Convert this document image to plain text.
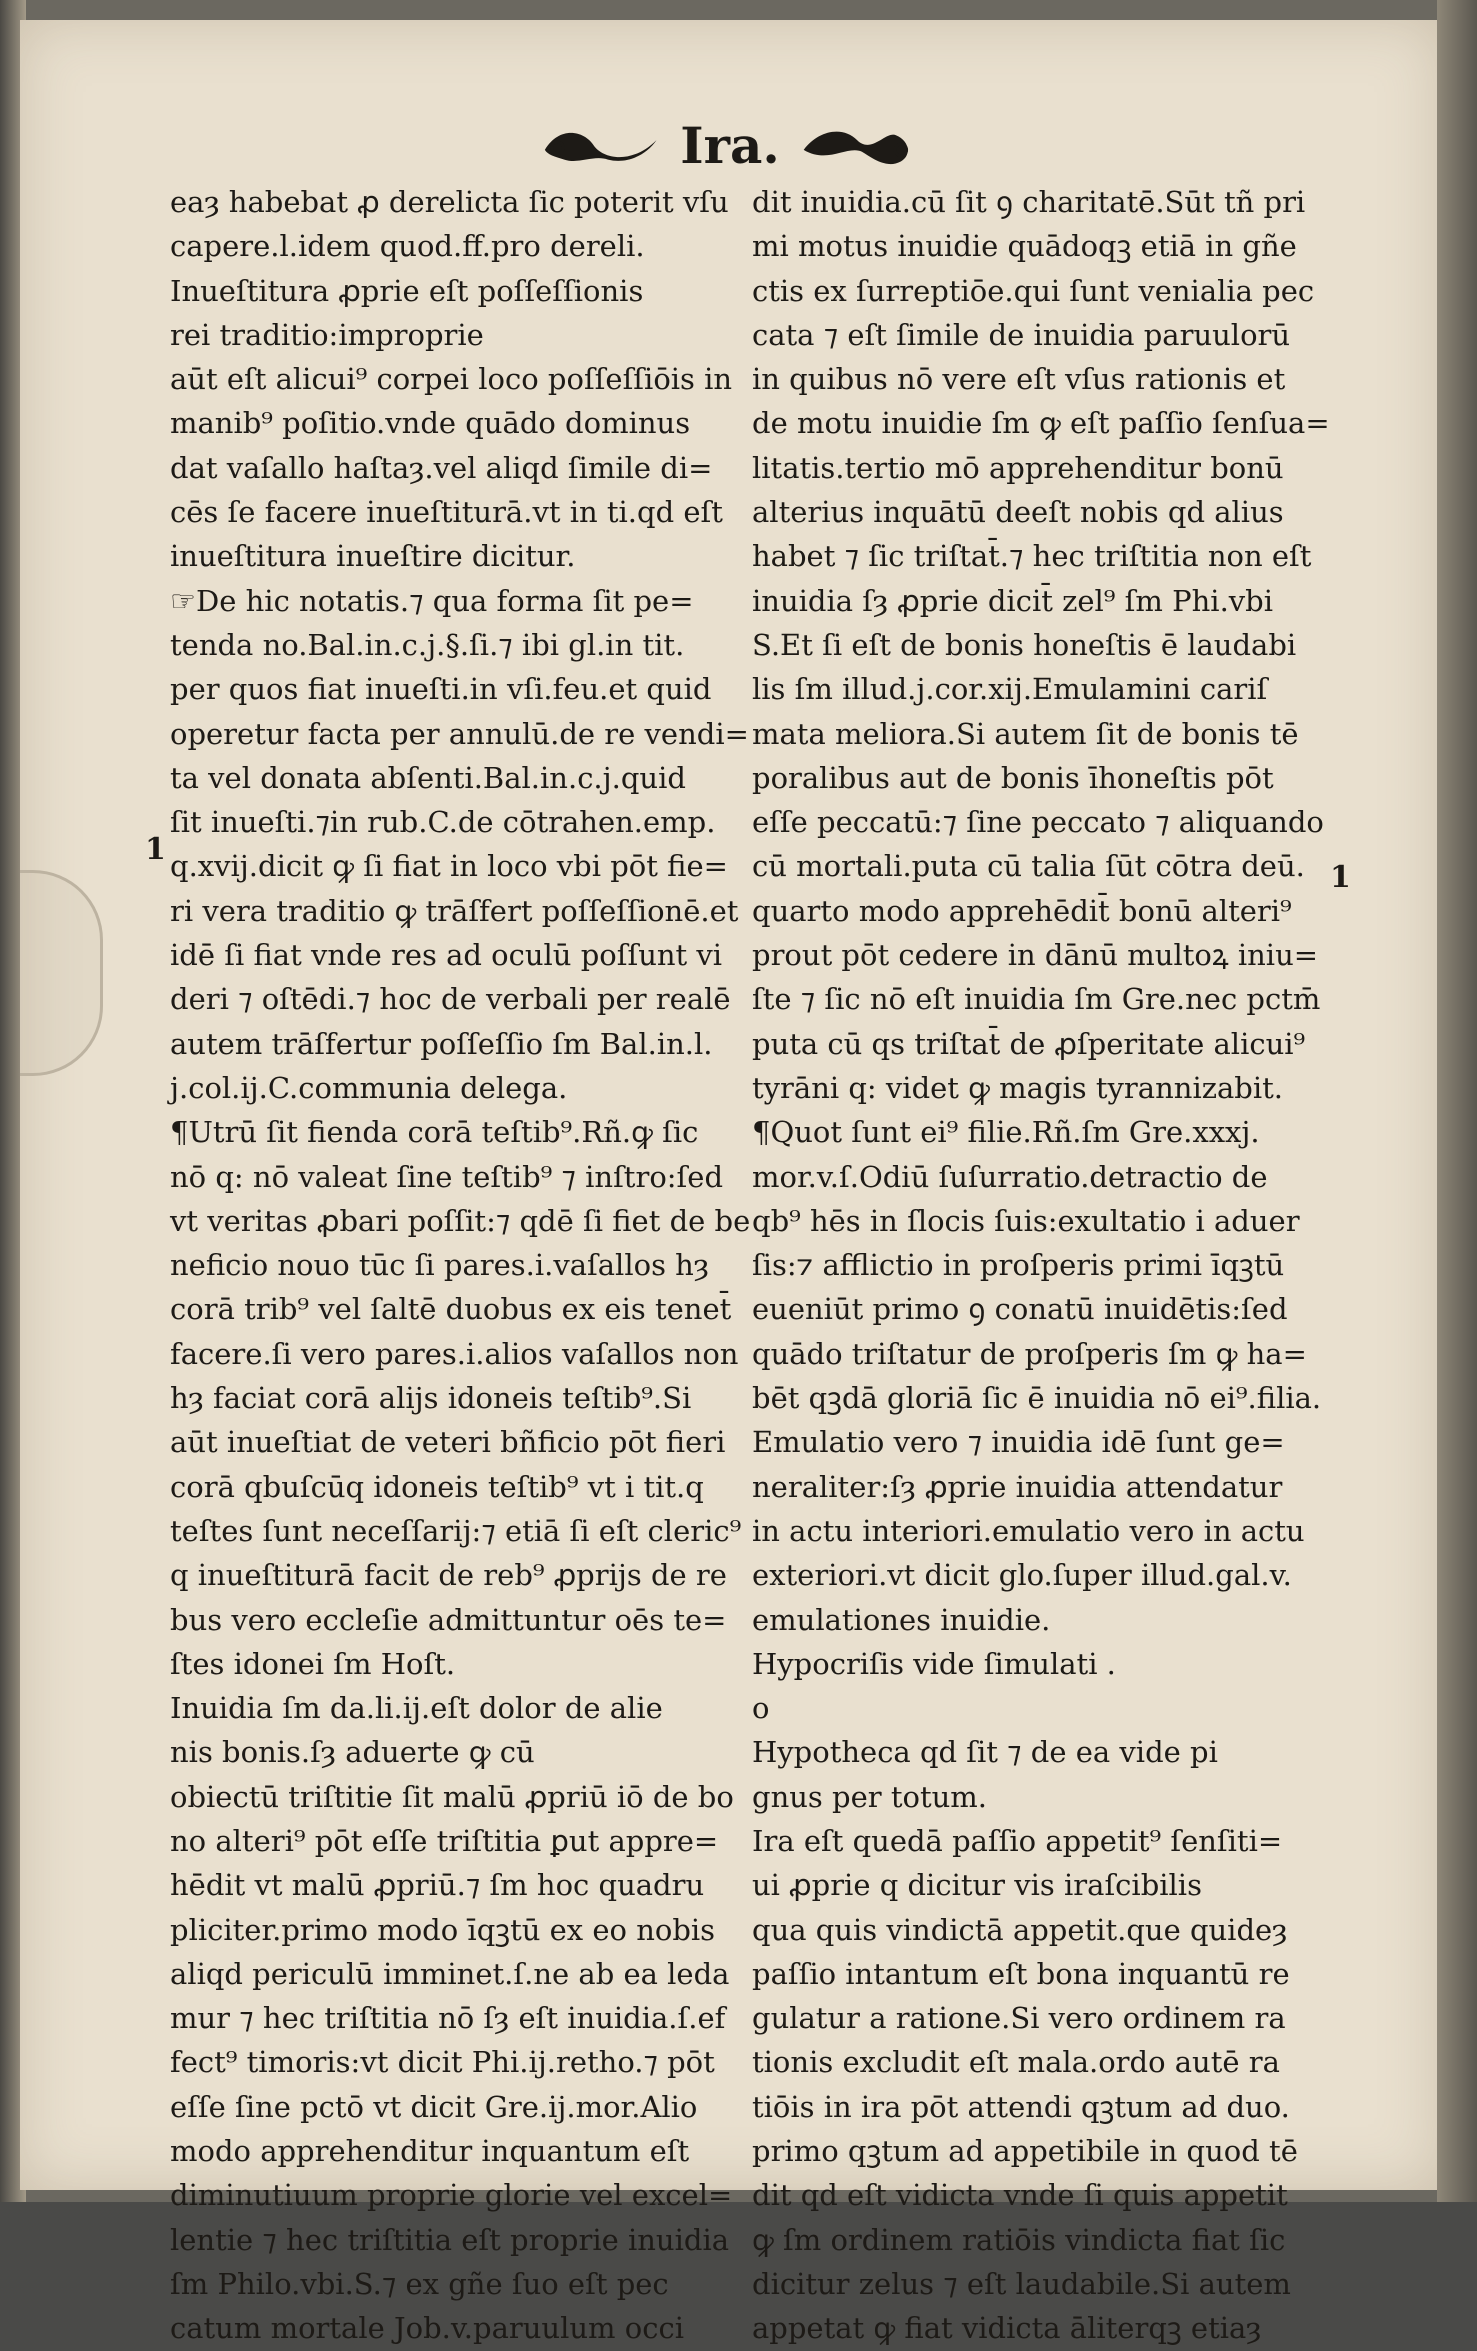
Ira.
1
1
eaȝ habebat ꝓ derelicta ſic poterit vſu
capere.l.idem quod.ff.pro dereli.
Inueſtitura ꝓprie eſt poſſeſſionis
rei traditio:improprie
aūt eſt alicui⁹ corpei loco poſſeſſiōis in
manib⁹ poſitio.vnde quādo dominus
dat vaſallo haſtaȝ.vel aliqd ſimile di=
cēs ſe facere inueſtiturā.vt in ti.qd eſt
inueſtitura inueſtire dicitur.
☞De hic notatis.⁊ qua forma ſit pe=
tenda no.Bal.in.c.j.§.ſi.⁊ ibi gl.in tit.
per quos fiat inueſti.in vſi.feu.et quid
operetur facta per annulū.de re vendi=
ta vel donata abſenti.Bal.in.c.j.quid
ſit inueſti.⁊in rub.C.de cōtrahen.emp.
q.xvij.dicit ꝙ ſi fiat in loco vbi pōt fie=
ri vera traditio ꝙ trāſfert poſſeſſionē.et
idē ſi fiat vnde res ad oculū poſſunt vi
deri ⁊ oſtēdi.⁊ hoc de verbali per realē
autem trāſfertur poſſeſſio ſm Bal.in.l.
j.col.ij.C.communia delega.
¶Utrū ſit fienda corā teſtib⁹.Rñ.ꝙ ſic
nō q: nō valeat ſine teſtib⁹ ⁊ inſtro:ſed
vt veritas ꝓbari poſſit:⁊ qdē ſi fiet de be
neficio nouo tūc ſi pares.i.vaſallos hȝ
corā trib⁹ vel ſaltē duobus ex eis tenet̄
facere.ſi vero pares.i.alios vaſallos non
hȝ faciat corā alijs idoneis teſtib⁹.Si
aūt inueſtiat de veteri bñficio pōt fieri
corā qbuſcūq idoneis teſtib⁹ vt i tit.q
teſtes ſunt neceſſarij:⁊ etiā ſi eſt cleric⁹
q inueſtiturā facit de reb⁹ ꝓprijs de re
bus vero eccleſie admittuntur oēs te=
ſtes idonei ſm Hoſt.
Inuidia ſm da.li.ij.eſt dolor de alie
nis bonis.ſȝ aduerte ꝙ cū
obiectū triſtitie ſit malū ꝓpriū iō de bo
no alteri⁹ pōt eſſe triſtitia ꝑut appre=
hēdit vt malū ꝓpriū.⁊ ſm hoc quadru
pliciter.primo modo īqꝫtū ex eo nobis
aliqd periculū imminet.ſ.ne ab ea leda
mur ⁊ hec triſtitia nō ſȝ eſt inuidia.ſ.ef
fect⁹ timoris:vt dicit Phi.ij.retho.⁊ pōt
eſſe ſine pctō vt dicit Gre.ij.mor.Alio
modo apprehenditur inquantum eſt
diminutiuum proprie glorie vel excel=
lentie ⁊ hec triſtitia eſt proprie inuidia
ſm Philo.vbi.S.⁊ ex gñe ſuo eſt pec
catum mortale Job.v.paruulum occi
dit inuidia.cū ſit ꝯ charitatē.Sūt tñ pri
mi motus inuidie quādoqꝫ etiā in gñe
ctis ex ſurreptiōe.qui ſunt venialia pec
cata ⁊ eſt ſimile de inuidia paruulorū
in quibus nō vere eſt vſus rationis et
de motu inuidie ſm ꝙ eſt paſſio ſenſua=
litatis.tertio mō apprehenditur bonū
alterius inquātū deeſt nobis qd alius
habet ⁊ ſic triſtat̄.⁊ hec triſtitia non eſt
inuidia ſȝ ꝓprie dicit̄ zel⁹ ſm Phi.vbi
S.Et ſi eſt de bonis honeſtis ē laudabi
lis ſm illud.j.cor.xij.Emulamini cariſ
mata meliora.Si autem ſit de bonis tē
poralibus aut de bonis īhoneſtis pōt
eſſe peccatū:⁊ ſine peccato ⁊ aliquando
cū mortali.puta cū talia ſūt cōtra deū.
quarto modo apprehēdit̄ bonū alteri⁹
prout pōt cedere in dānū multoꝝ iniu=
ſte ⁊ ſic nō eſt inuidia ſm Gre.nec pctm̄
puta cū qs triſtat̄ de ꝓſperitate alicui⁹
tyrāni q: videt ꝙ magis tyrannizabit.
¶Quot ſunt ei⁹ filie.Rñ.ſm Gre.xxxj.
mor.v.ſ.Odiū ſuſurratio.detractio de
qb⁹ hēs in ſlocis ſuis:exultatio i aduer
ſis:⁊ afflictio in proſperis primi īqꝫtū
eueniūt primo ꝯ conatū inuidētis:ſed
quādo triſtatur de proſperis ſm ꝙ ha=
bēt qꝫdā gloriā ſic ē inuidia nō ei⁹.filia.
Emulatio vero ⁊ inuidia idē ſunt ge=
neraliter:ſȝ ꝓprie inuidia attendatur
in actu interiori.emulatio vero in actu
exteriori.vt dicit glo.ſuper illud.gal.v.
emulationes inuidie.
Hypocriſis vide ſimulati .
o
Hypotheca qd ſit ⁊ de ea vide pi
gnus per totum.
Ira eſt quedā paſſio appetit⁹ ſenſiti=
ui ꝓprie q dicitur vis iraſcibilis
qua quis vindictā appetit.que quideȝ
paſſio intantum eſt bona inquantū re
gulatur a ratione.Si vero ordinem ra
tionis excludit eſt mala.ordo autē ra
tiōis in ira pōt attendi qꝫtum ad duo.
primo qꝫtum ad appetibile in quod tē
dit qd eſt vidicta vnde ſi quis appetit
ꝙ ſm ordinem ratiōis vindicta fiat ſic
dicitur zelus ⁊ eſt laudabile.Si autem
appetat ꝙ fiat vidicta āliterqꝫ etiaȝ
